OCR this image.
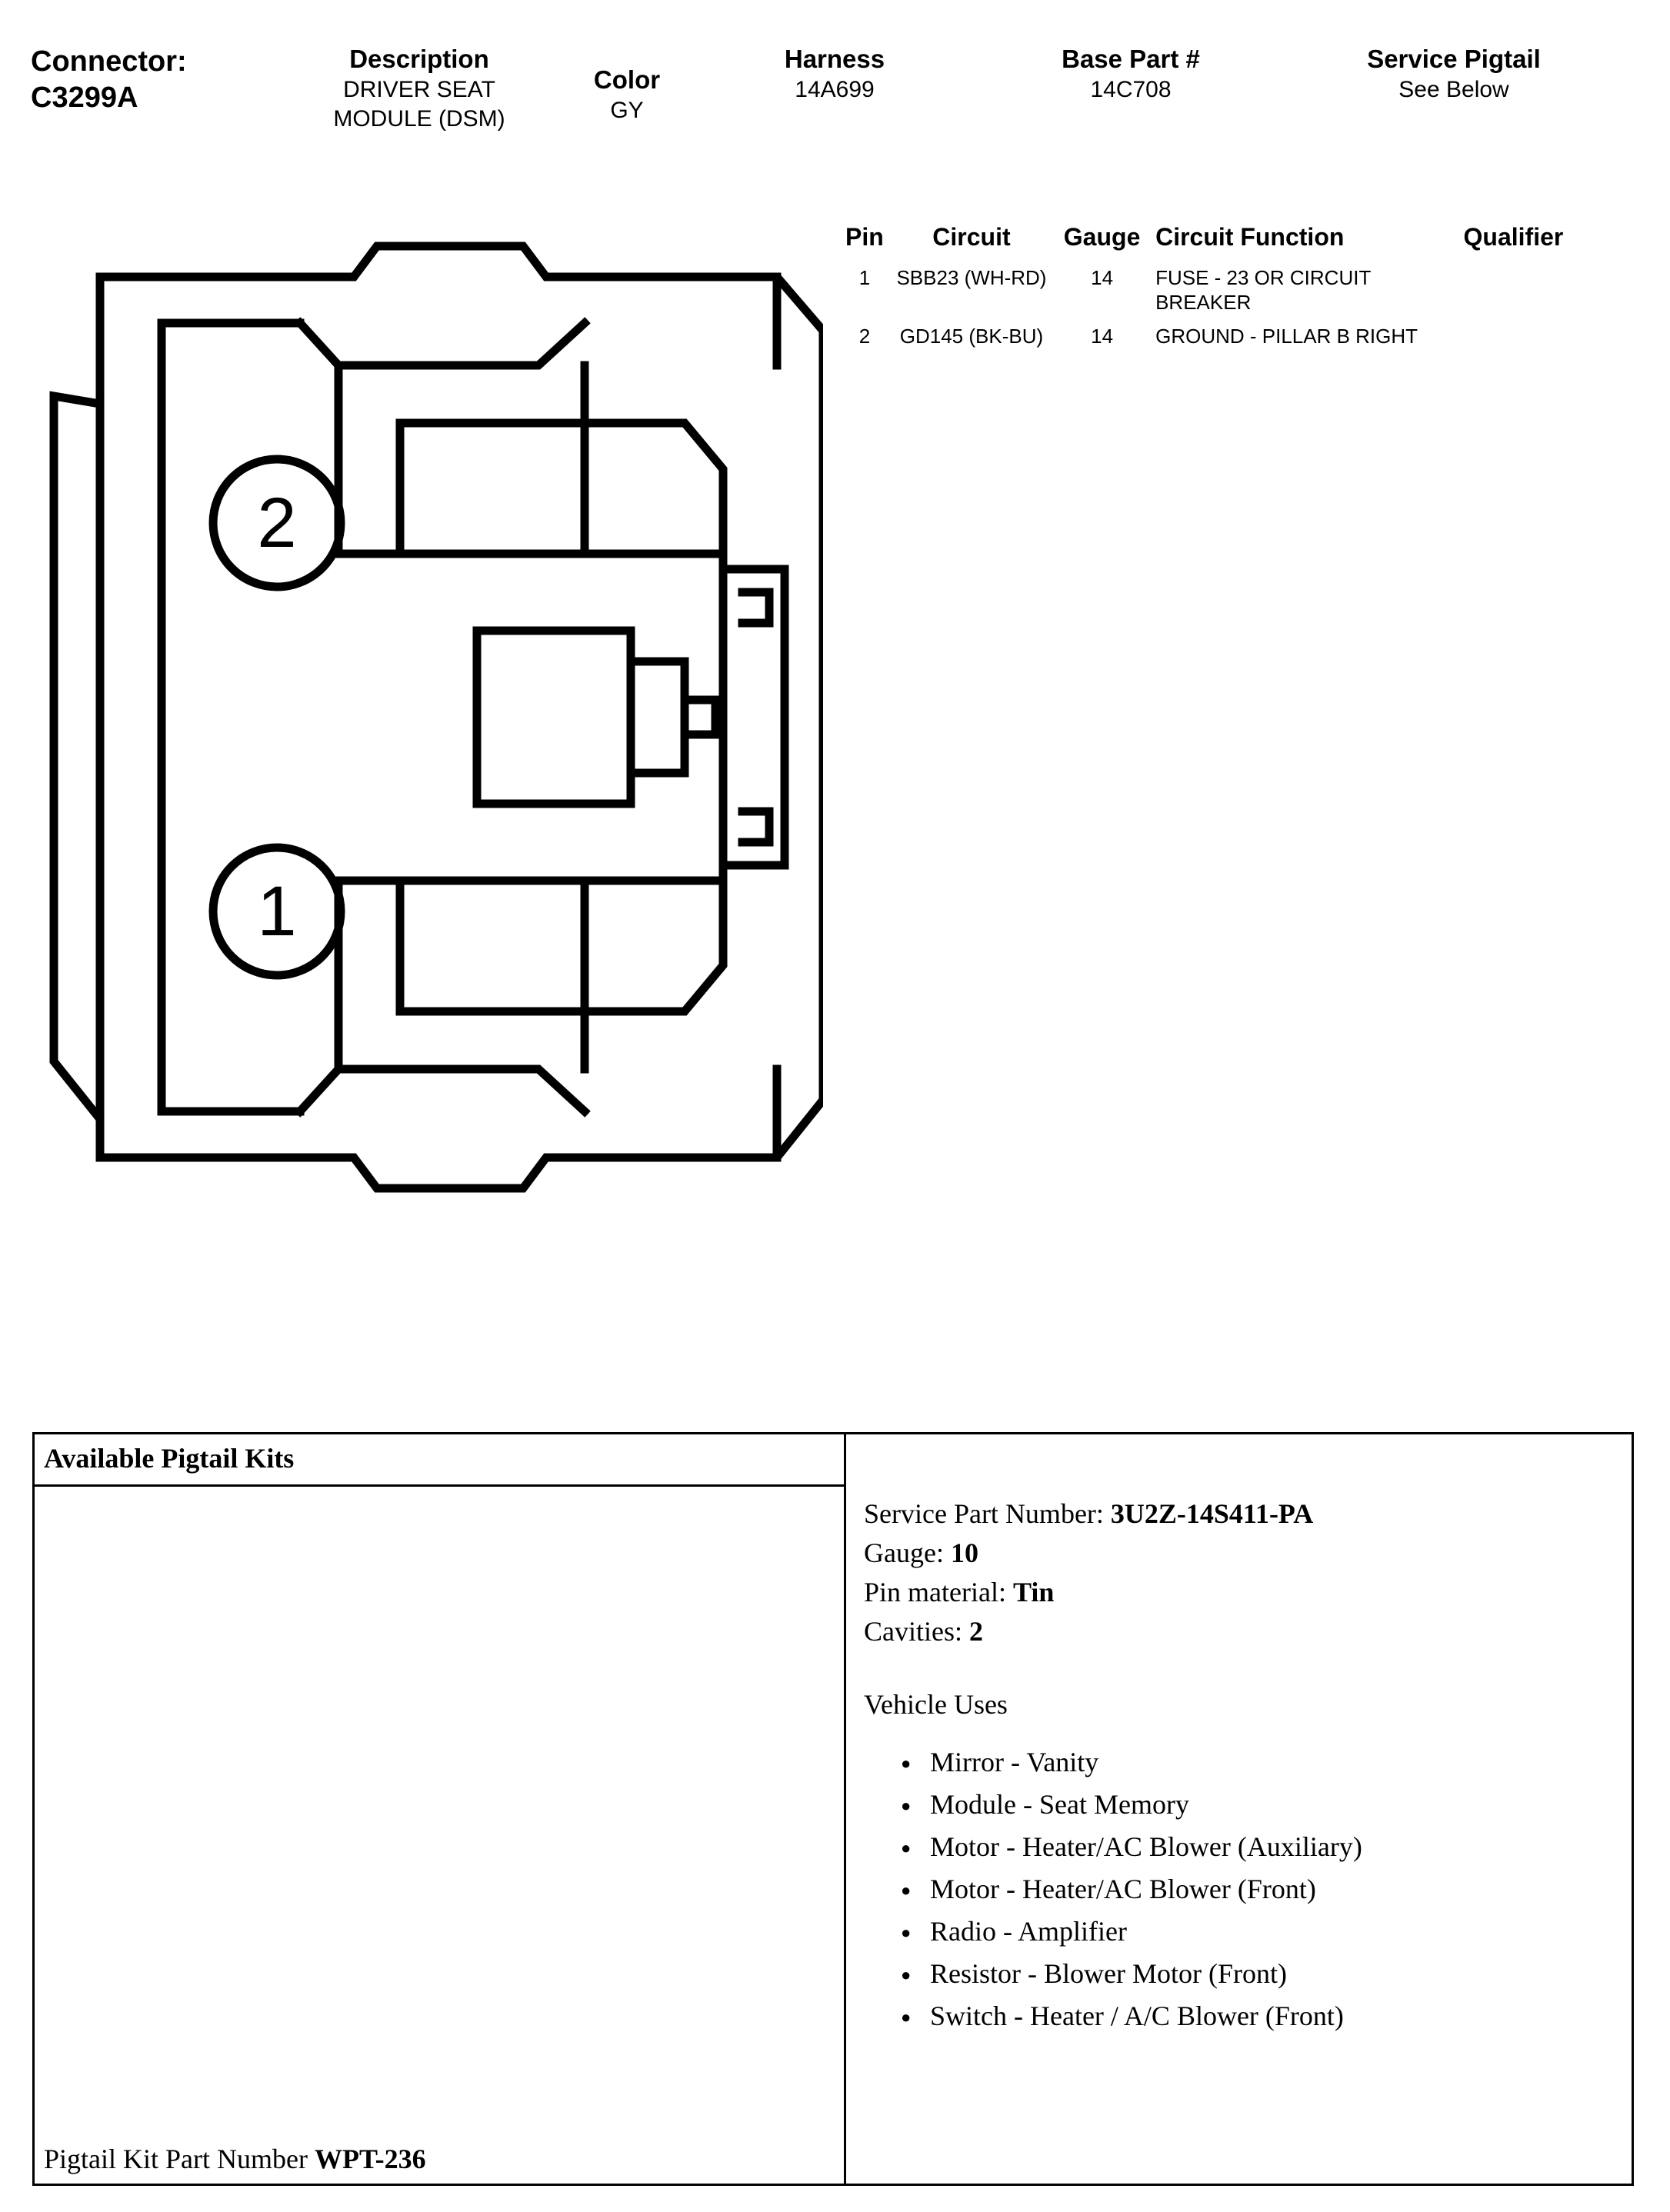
Connector:
C3299A
Description
DRIVER SEAT MODULE (DSM)
Color
GY
Harness
14A699
Base Part #
14C708
Service Pigtail
See Below
Pin	Circuit	Gauge	Circuit Function	Qualifier
1	SBB23 (WH-RD)	14	FUSE - 23 OR CIRCUIT BREAKER	
2	GD145 (BK-BU)	14	GROUND - PILLAR B RIGHT	
2
1
Available Pigtail Kits
Pigtail Kit Part Number WPT-236
Service Part Number: 3U2Z-14S411-PA
Gauge: 10
Pin material: Tin
Cavities: 2
Vehicle Uses
● Mirror - Vanity
● Module - Seat Memory
● Motor - Heater/AC Blower (Auxiliary)
● Motor - Heater/AC Blower (Front)
● Radio - Amplifier
● Resistor - Blower Motor (Front)
● Switch - Heater / A/C Blower (Front)
